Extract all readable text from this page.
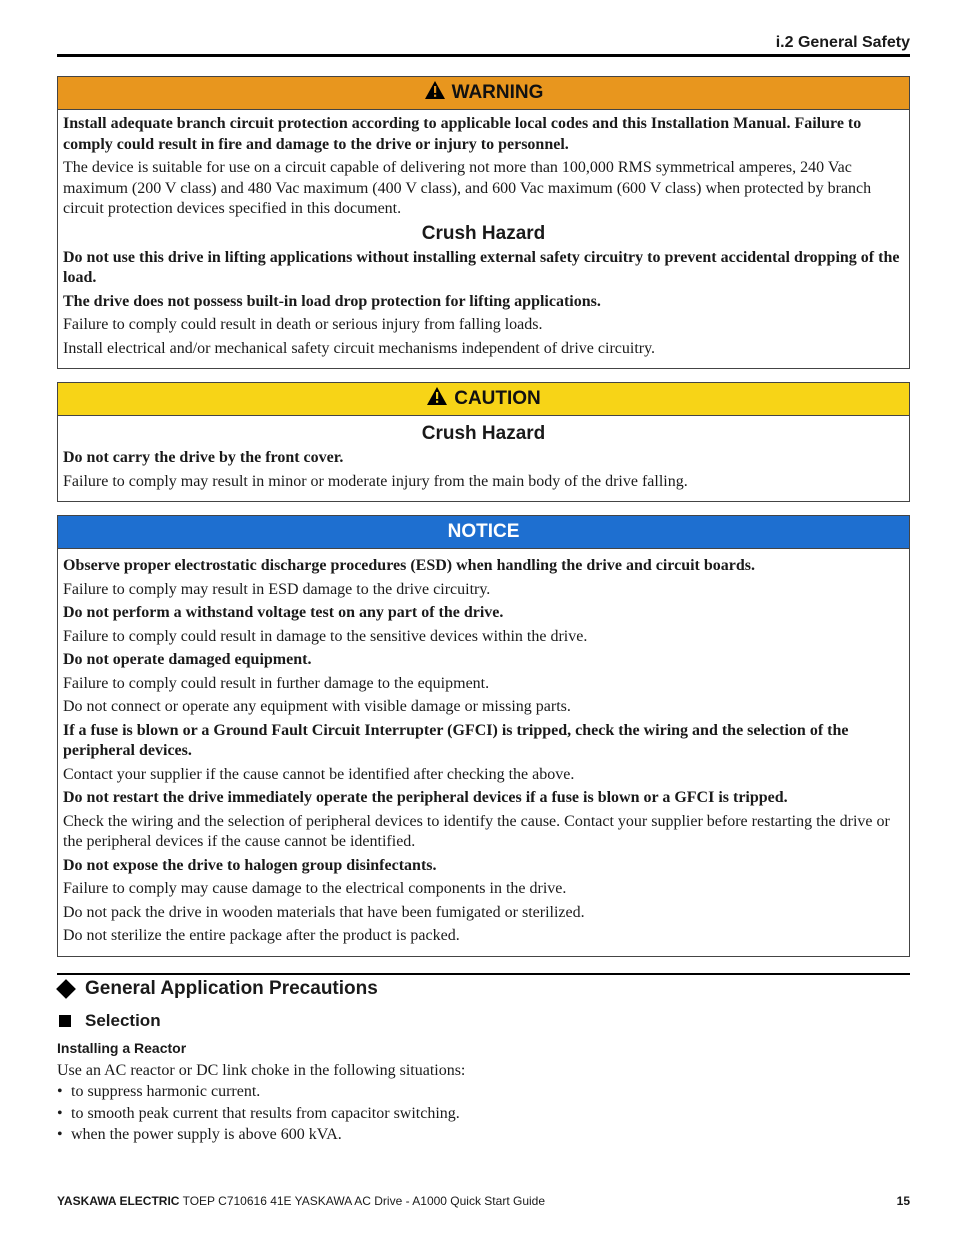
i.2 General Safety
WARNING

Install adequate branch circuit protection according to applicable local codes and this Installation Manual. Failure to comply could result in fire and damage to the drive or injury to personnel.

The device is suitable for use on a circuit capable of delivering not more than 100,000 RMS symmetrical amperes, 240 Vac maximum (200 V class) and 480 Vac maximum (400 V class), and 600 Vac maximum (600 V class) when protected by branch circuit protection devices specified in this document.

Crush Hazard

Do not use this drive in lifting applications without installing external safety circuitry to prevent accidental dropping of the load.

The drive does not possess built-in load drop protection for lifting applications.

Failure to comply could result in death or serious injury from falling loads.

Install electrical and/or mechanical safety circuit mechanisms independent of drive circuitry.

CAUTION
Crush Hazard

Do not carry the drive by the front cover.

Failure to comply may result in minor or moderate injury from the main body of the drive falling.

NOTICE

Observe proper electrostatic discharge procedures (ESD) when handling the drive and circuit boards.

Failure to comply may result in ESD damage to the drive circuitry.

Do not perform a withstand voltage test on any part of the drive.

Failure to comply could result in damage to the sensitive devices within the drive.

Do not operate damaged equipment.

Failure to comply could result in further damage to the equipment.

Do not connect or operate any equipment with visible damage or missing parts.

If a fuse is blown or a Ground Fault Circuit Interrupter (GFCI) is tripped, check the wiring and the selection of the peripheral devices.

Contact your supplier if the cause cannot be identified after checking the above.

Do not restart the drive immediately operate the peripheral devices if a fuse is blown or a GFCI is tripped.

Check the wiring and the selection of peripheral devices to identify the cause. Contact your supplier before restarting the drive or the peripheral devices if the cause cannot be identified.

Do not expose the drive to halogen group disinfectants.

Failure to comply may cause damage to the electrical components in the drive.

Do not pack the drive in wooden materials that have been fumigated or sterilized.

Do not sterilize the entire package after the product is packed.

General Application Precautions
Selection
Installing a Reactor
Use an AC reactor or DC link choke in the following situations:
• to suppress harmonic current.
• to smooth peak current that results from capacitor switching.
• when the power supply is above 600 kVA.
YASKAWA ELECTRIC TOEP C710616 41E YASKAWA AC Drive - A1000 Quick Start Guide	15
